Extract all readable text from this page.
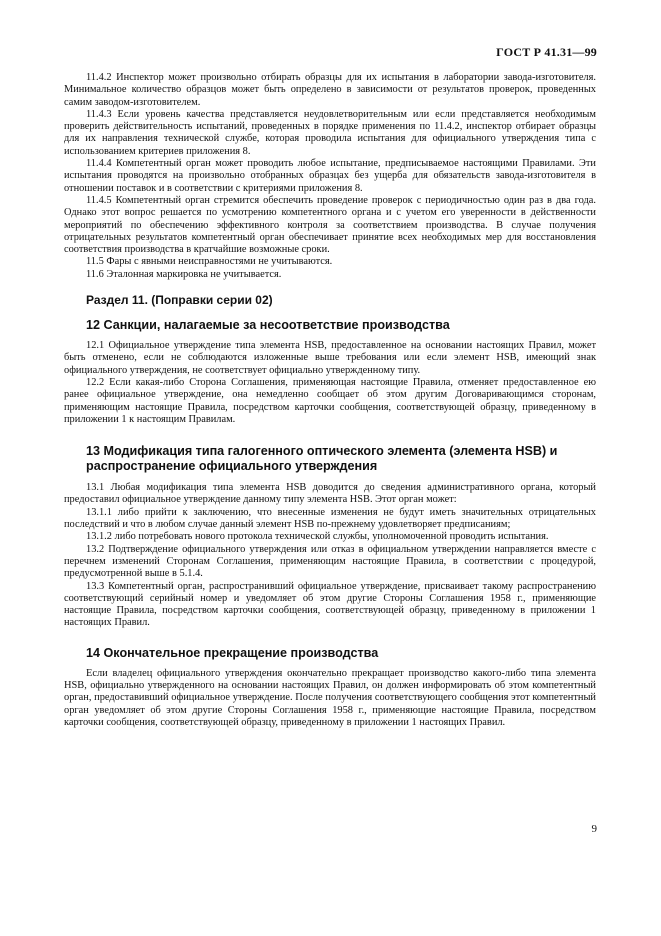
ГОСТ Р 41.31—99

11.4.2 Инспектор может произвольно отбирать образцы для их испытания в лаборатории завода-изготовителя. Минимальное количество образцов может быть определено в зависимости от результатов проверок, проведенных самим заводом-изготовителем.

11.4.3 Если уровень качества представляется неудовлетворительным или если представляется необходимым проверить действительность испытаний, проведенных в порядке применения по 11.4.2, инспектор отбирает образцы для их направления технической службе, которая проводила испытания для официального утверждения типа с использованием критериев приложения 8.

11.4.4 Компетентный орган может проводить любое испытание, предписываемое настоящими Правилами. Эти испытания проводятся на произвольно отобранных образцах без ущерба для обязательств завода-изготовителя в отношении поставок и в соответствии с критериями приложения 8.

11.4.5 Компетентный орган стремится обеспечить проведение проверок с периодичностью один раз в два года. Однако этот вопрос решается по усмотрению компетентного органа и с учетом его уверенности в действенности мероприятий по обеспечению эффективного контроля за соответствием производства. В случае получения отрицательных результатов компетентный орган обеспечивает принятие всех необходимых мер для восстановления соответствия производства в кратчайшие возможные сроки.

11.5 Фары с явными неисправностями не учитываются.

11.6 Эталонная маркировка не учитывается.

Раздел 11. (Поправки серии 02)
12 Санкции, налагаемые за несоответствие производства

12.1 Официальное утверждение типа элемента HSB, предоставленное на основании настоящих Правил, может быть отменено, если не соблюдаются изложенные выше требования или если элемент HSB, имеющий знак официального утверждения, не соответствует официально утвержденному типу.

12.2 Если какая-либо Сторона Соглашения, применяющая настоящие Правила, отменяет предоставленное ею ранее официальное утверждение, она немедленно сообщает об этом другим Договаривающимся сторонам, применяющим настоящие Правила, посредством карточки сообщения, соответствующей образцу, приведенному в приложении 1 к настоящим Правилам.

13 Модификация типа галогенного оптического элемента (элемента HSB) и
распространение официального утверждения

13.1 Любая модификация типа элемента HSB доводится до сведения административного органа, который предоставил официальное утверждение данному типу элемента HSB. Этот орган может:

13.1.1 либо прийти к заключению, что внесенные изменения не будут иметь значительных отрицательных последствий и что в любом случае данный элемент HSB по-прежнему удовлетворяет предписаниям;

13.1.2 либо потребовать нового протокола технической службы, уполномоченной проводить испытания.

13.2 Подтверждение официального утверждения или отказ в официальном утверждении направляется вместе с перечнем изменений Сторонам Соглашения, применяющим настоящие Правила, в соответствии с процедурой, предусмотренной выше в 5.1.4.

13.3 Компетентный орган, распространивший официальное утверждение, присваивает такому распространению соответствующий серийный номер и уведомляет об этом другие Стороны Соглашения 1958 г., применяющие настоящие Правила, посредством карточки сообщения, соответствующей образцу, приведенному в приложении 1 настоящих Правил.

14 Окончательное прекращение производства

Если владелец официального утверждения окончательно прекращает производство какого-либо типа элемента HSB, официально утвержденного на основании настоящих Правил, он должен информировать об этом компетентный орган, предоставивший официальное утверждение. После получения соответствующего сообщения этот компетентный орган уведомляет об этом другие Стороны Соглашения 1958 г., применяющие настоящие Правила, посредством карточки сообщения, соответствующей образцу, приведенному в приложении 1 настоящих Правил.

9
